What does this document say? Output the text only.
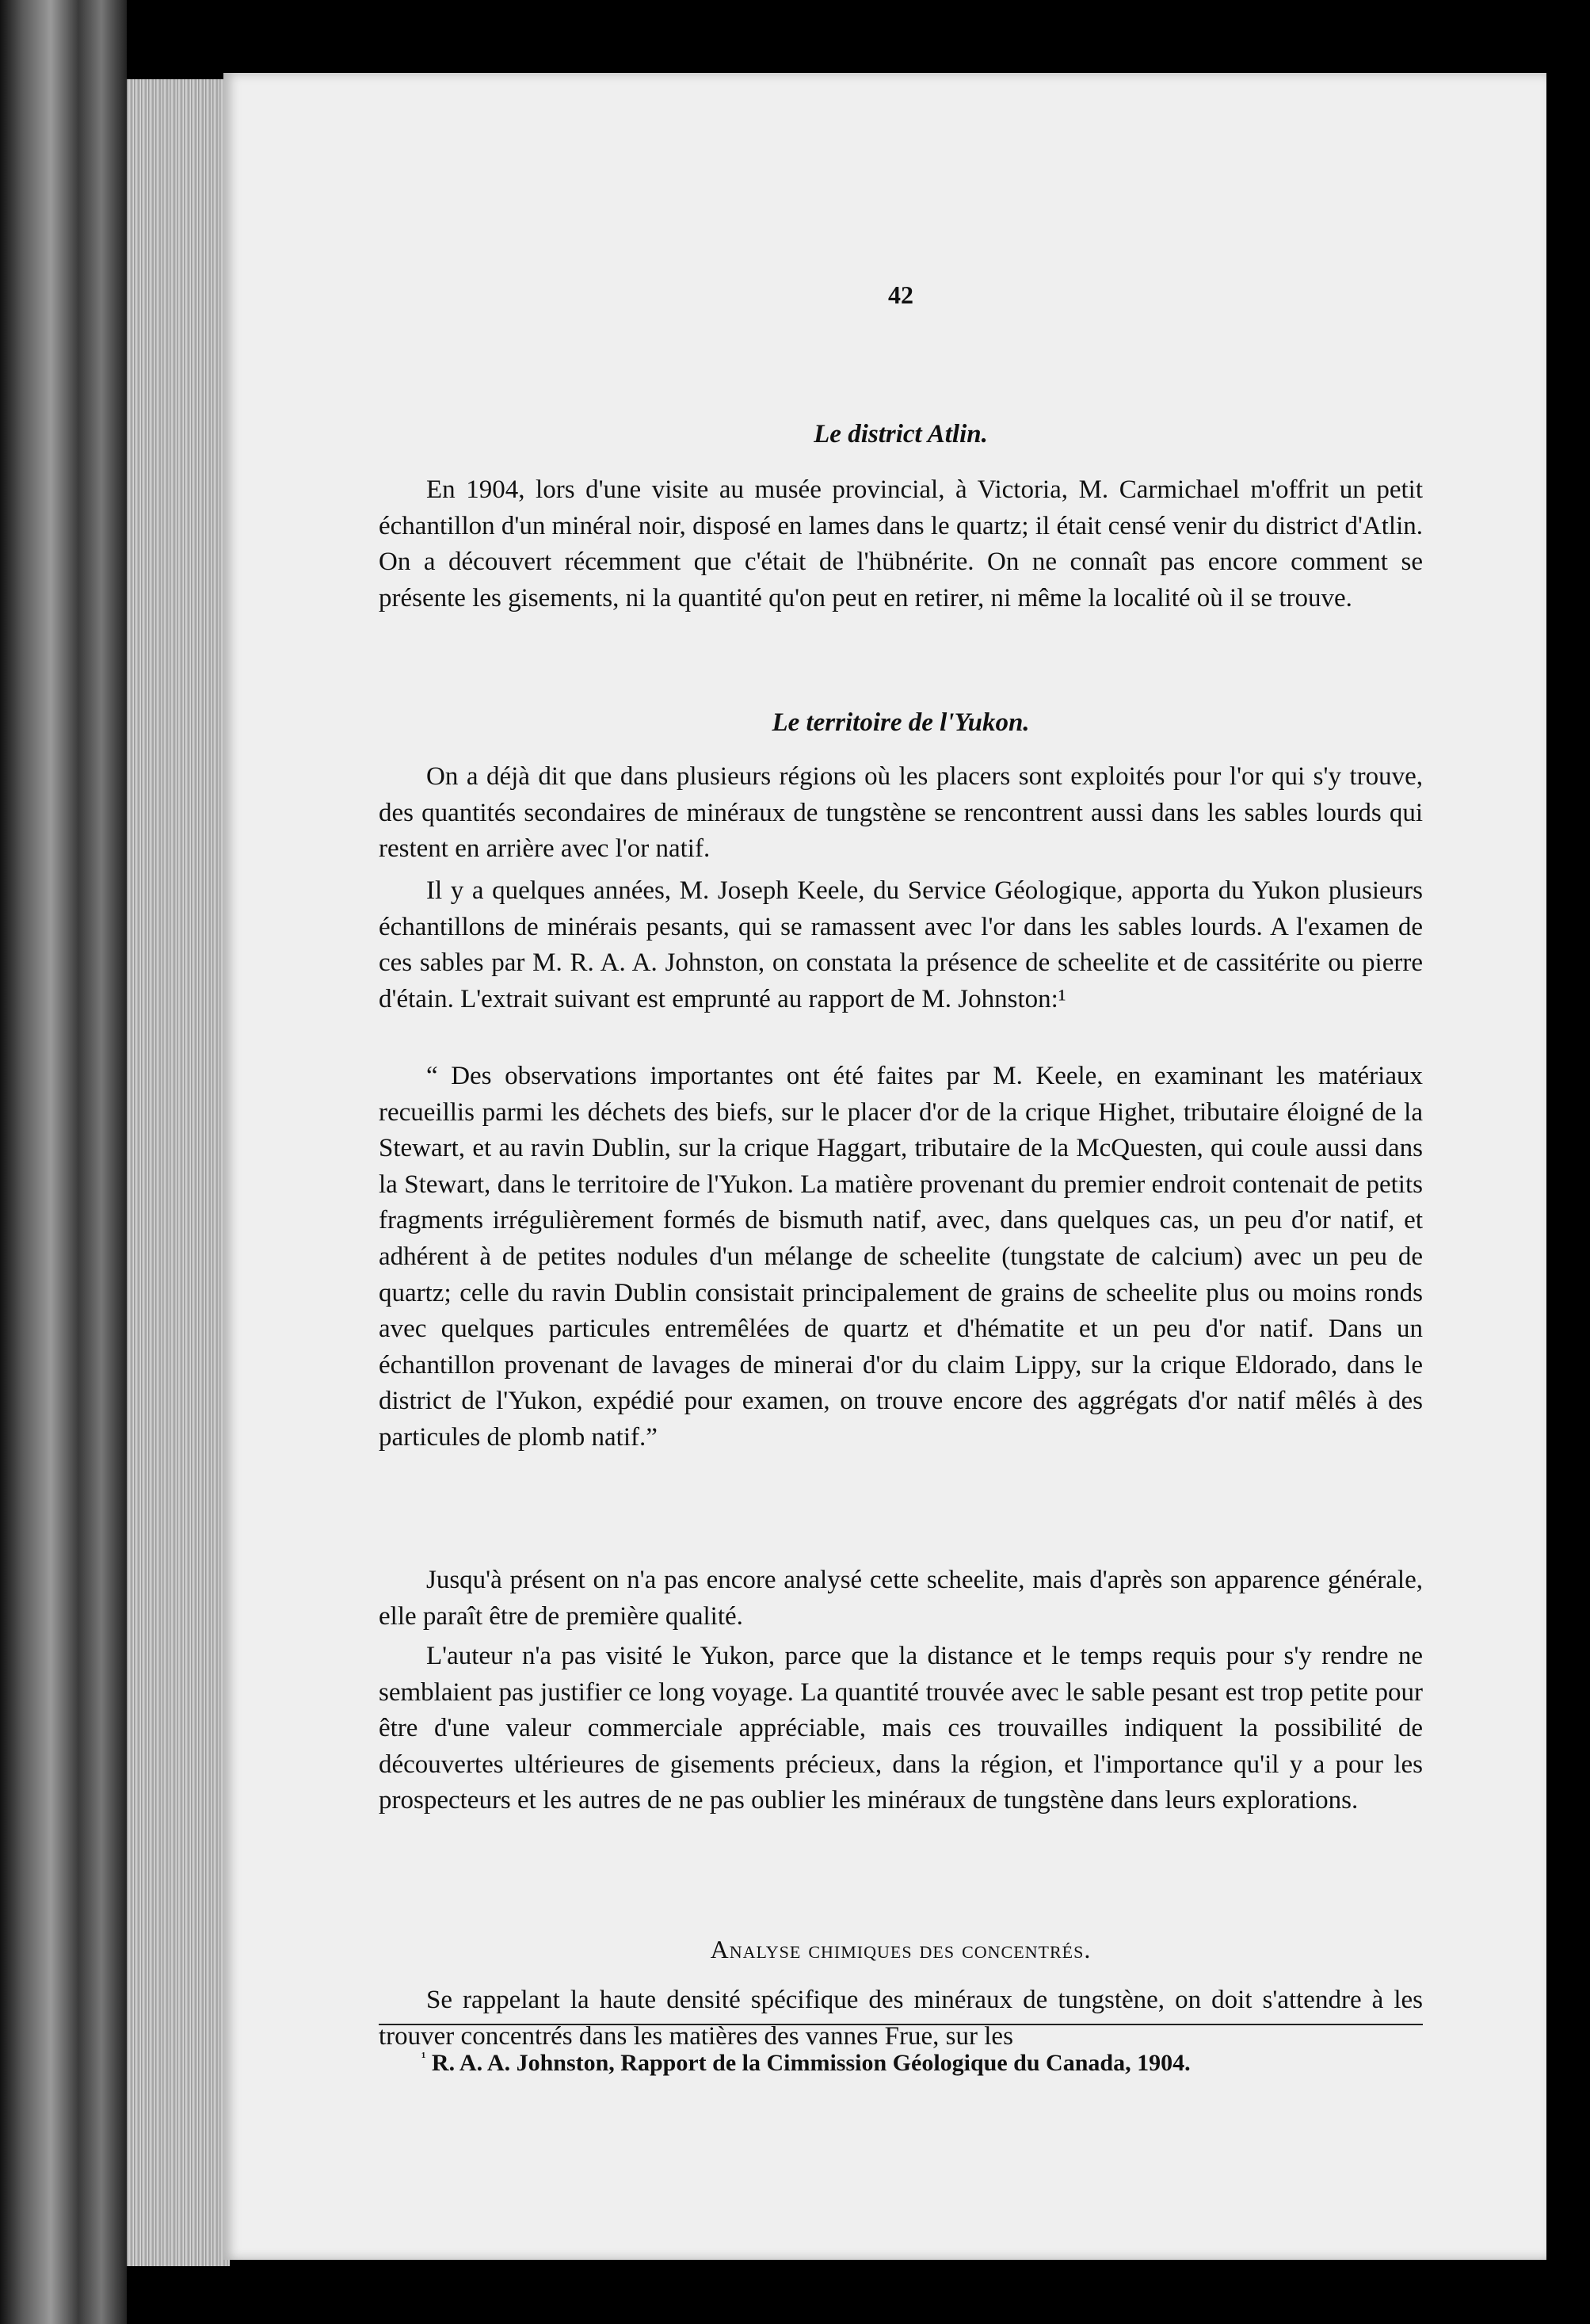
42
Le district Atlin.

En 1904, lors d'une visite au musée provincial, à Victoria, M. Carmichael m'offrit un petit échantillon d'un minéral noir, disposé en lames dans le quartz; il était censé venir du district d'Atlin. On a découvert récemment que c'était de l'hübnérite. On ne connaît pas encore comment se présente les gisements, ni la quantité qu'on peut en retirer, ni même la localité où il se trouve.

Le territoire de l'Yukon.

On a déjà dit que dans plusieurs régions où les placers sont exploités pour l'or qui s'y trouve, des quantités secondaires de minéraux de tungstène se rencontrent aussi dans les sables lourds qui restent en arrière avec l'or natif.

Il y a quelques années, M. Joseph Keele, du Service Géologique, apporta du Yukon plusieurs échantillons de minérais pesants, qui se ramassent avec l'or dans les sables lourds. A l'examen de ces sables par M. R. A. A. Johnston, on constata la présence de scheelite et de cassitérite ou pierre d'étain. L'extrait suivant est emprunté au rapport de M. Johnston:¹

“ Des observations importantes ont été faites par M. Keele, en examinant les matériaux recueillis parmi les déchets des biefs, sur le placer d'or de la crique Highet, tributaire éloigné de la Stewart, et au ravin Dublin, sur la crique Haggart, tributaire de la McQuesten, qui coule aussi dans la Stewart, dans le territoire de l'Yukon. La matière provenant du premier endroit contenait de petits fragments irrégulièrement formés de bismuth natif, avec, dans quelques cas, un peu d'or natif, et adhérent à de petites nodules d'un mélange de scheelite (tungstate de calcium) avec un peu de quartz; celle du ravin Dublin consistait principalement de grains de scheelite plus ou moins ronds avec quelques particules entremêlées de quartz et d'hématite et un peu d'or natif. Dans un échantillon provenant de lavages de minerai d'or du claim Lippy, sur la crique Eldorado, dans le district de l'Yukon, expédié pour examen, on trouve encore des aggrégats d'or natif mêlés à des particules de plomb natif.”

Jusqu'à présent on n'a pas encore analysé cette scheelite, mais d'après son apparence générale, elle paraît être de première qualité.

L'auteur n'a pas visité le Yukon, parce que la distance et le temps requis pour s'y rendre ne semblaient pas justifier ce long voyage. La quantité trouvée avec le sable pesant est trop petite pour être d'une valeur commerciale appréciable, mais ces trouvailles indiquent la possibilité de découvertes ultérieures de gisements précieux, dans la région, et l'importance qu'il y a pour les prospecteurs et les autres de ne pas oublier les minéraux de tungstène dans leurs explorations.

Analyse chimiques des concentrés.

Se rappelant la haute densité spécifique des minéraux de tungstène, on doit s'attendre à les trouver concentrés dans les matières des vannes Frue, sur les

$^{^1}$ R. A. A. Johnston, Rapport de la Cimmission Géologique du Canada, 1904.
